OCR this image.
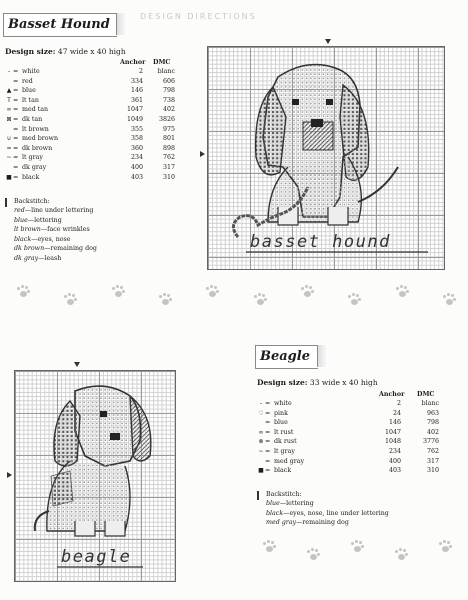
DESIGN DIRECTIONS
Basset Hound
Design size: 47 wide x 40 high
Anchor DMC
- = white	2	blanc
= red	334	606
▲ = blue	146	798
T = lt tan	361	738
∞ = med tan	1047	402
⊠ = dk tan	1049	3826
= lt brown	355	975
∪ = med brown	358	801
≈ = dk brown	360	898
~ = lt gray	234	762
= dk gray	400	317
■ = black	403	310
Backstitch:
red—line under lettering
blue—lettering
lt brown—face wrinkles
black—eyes, nose
dk brown—remaining dog
dk gray—leash
basset hound
beagle
Beagle
Design size: 33 wide x 40 high
Anchor DMC
- = white	2	blanc
♡ = pink	24	963
= blue	146	798
∞ = lt rust	1047	402
⊗ = dk rust	1048	3776
~ = lt gray	234	762
= med gray	400	317
■ = black	403	310
Backstitch:
blue—lettering
black—eyes, nose, line under lettering
med gray—remaining dog
